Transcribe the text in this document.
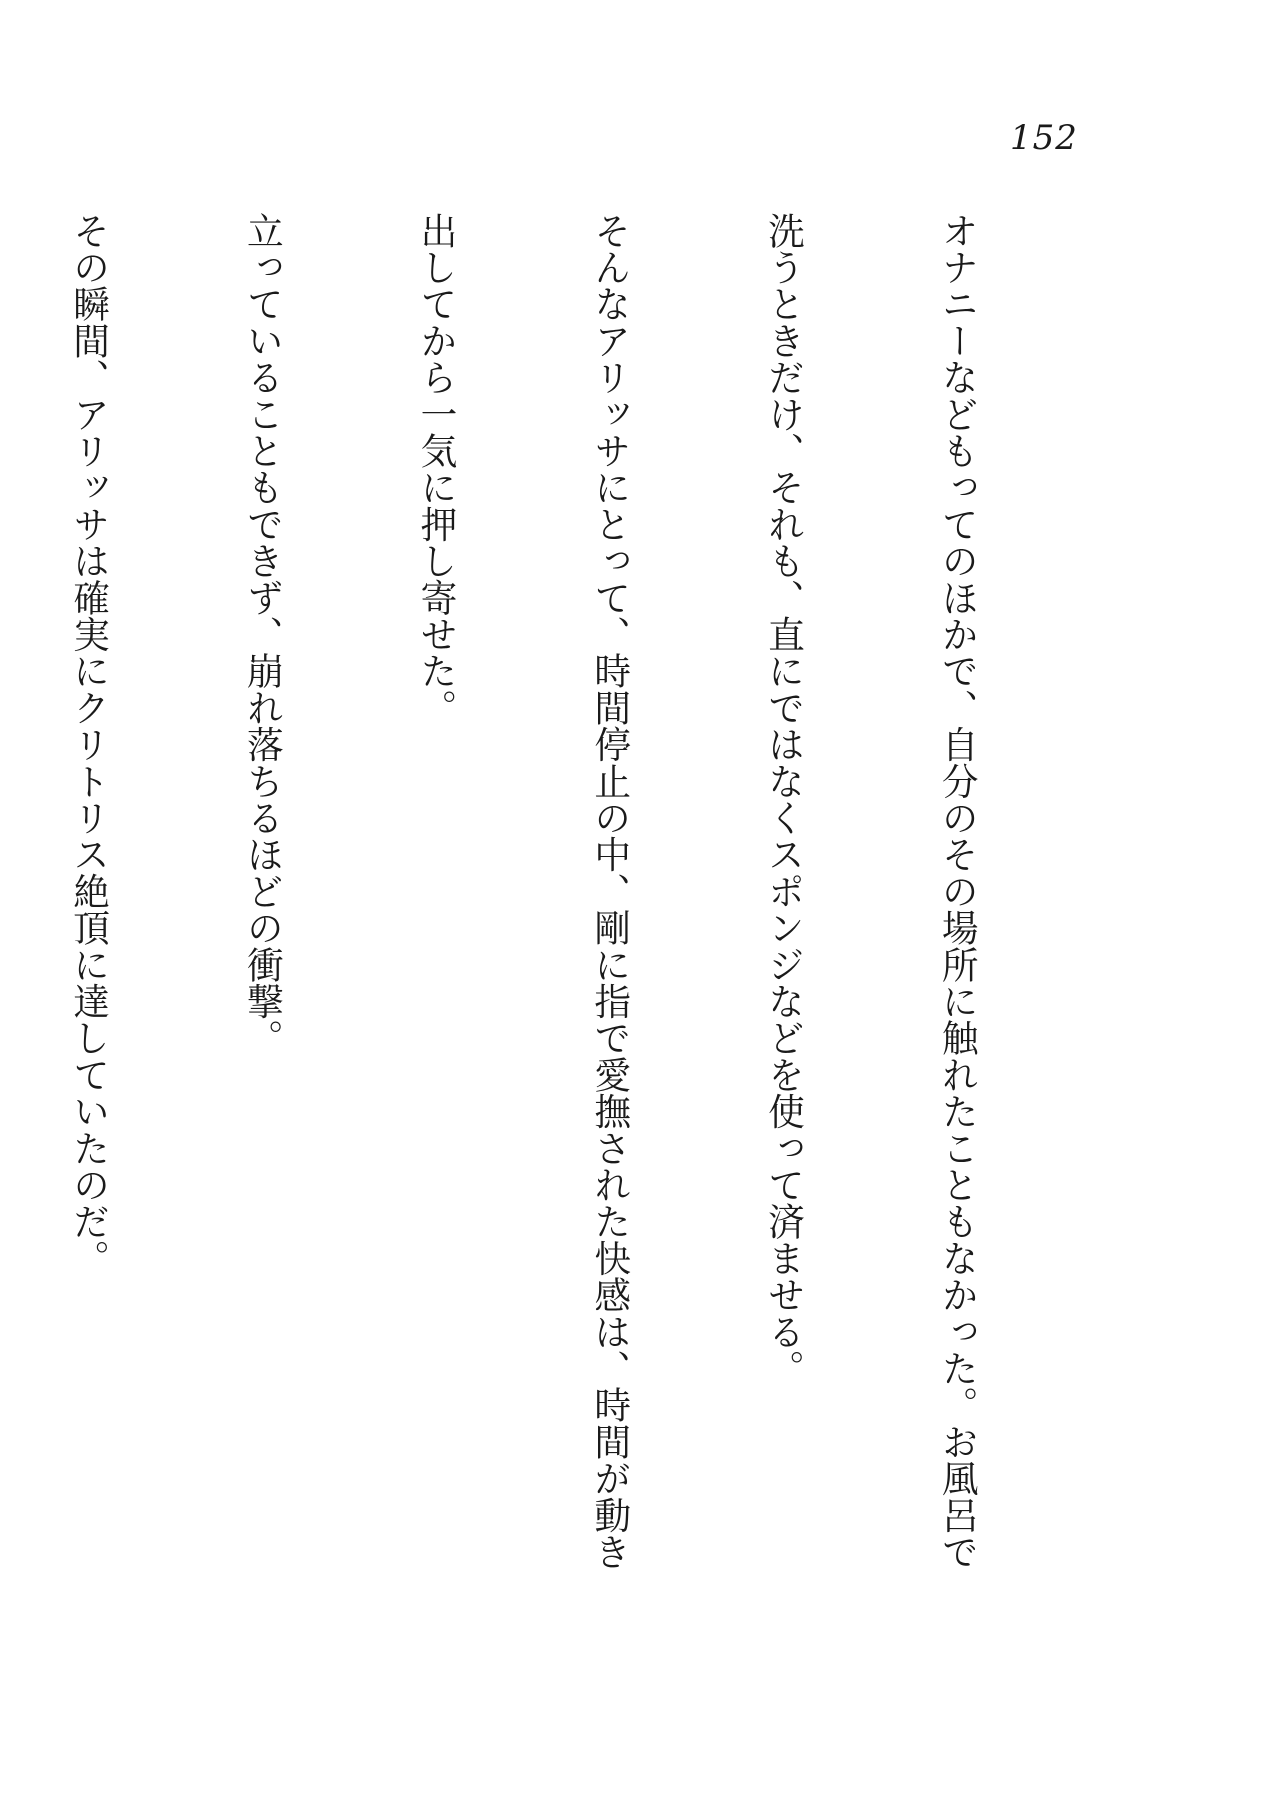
152

オナニーなどもってのほかで、自分のその場所に触れたこともなかった。お風呂で

洗うときだけ、それも、直にではなくスポンジなどを使って済ませる。

そんなアリッサにとって、時間停止の中、剛に指で愛撫された快感は、時間が動き

出してから一気に押し寄せた。

立っていることもできず、崩れ落ちるほどの衝撃。

その瞬間、アリッサは確実にクリトリス絶頂に達していたのだ。
